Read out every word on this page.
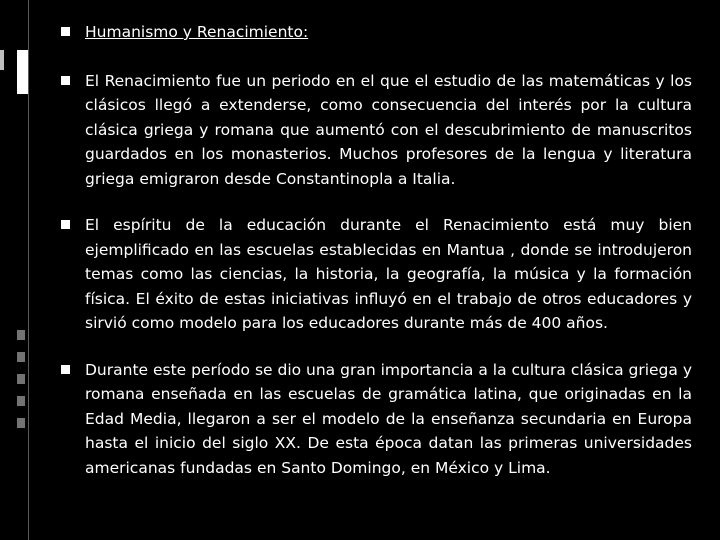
Humanismo y Renacimiento:
El Renacimiento fue un periodo en el que el estudio de las matemáticas y los clásicos llegó a extenderse, como consecuencia del interés por la cultura clásica griega y romana que aumentó con el descubrimiento de manuscritos guardados en los monasterios. Muchos profesores de la lengua y literatura griega emigraron desde Constantinopla a Italia.
El espíritu de la educación durante el Renacimiento está muy bien ejemplificado en las escuelas establecidas en Mantua , donde se introdujeron temas como las ciencias, la historia, la geografía, la música y la formación física. El éxito de estas iniciativas influyó en el trabajo de otros educadores y sirvió como modelo para los educadores durante más de 400 años.
Durante este período se dio una gran importancia a la cultura clásica griega y romana enseñada en las escuelas de gramática latina, que originadas en la Edad Media, llegaron a ser el modelo de la enseñanza secundaria en Europa hasta el inicio del siglo XX. De esta época datan las primeras universidades americanas fundadas en Santo Domingo, en México y Lima.
